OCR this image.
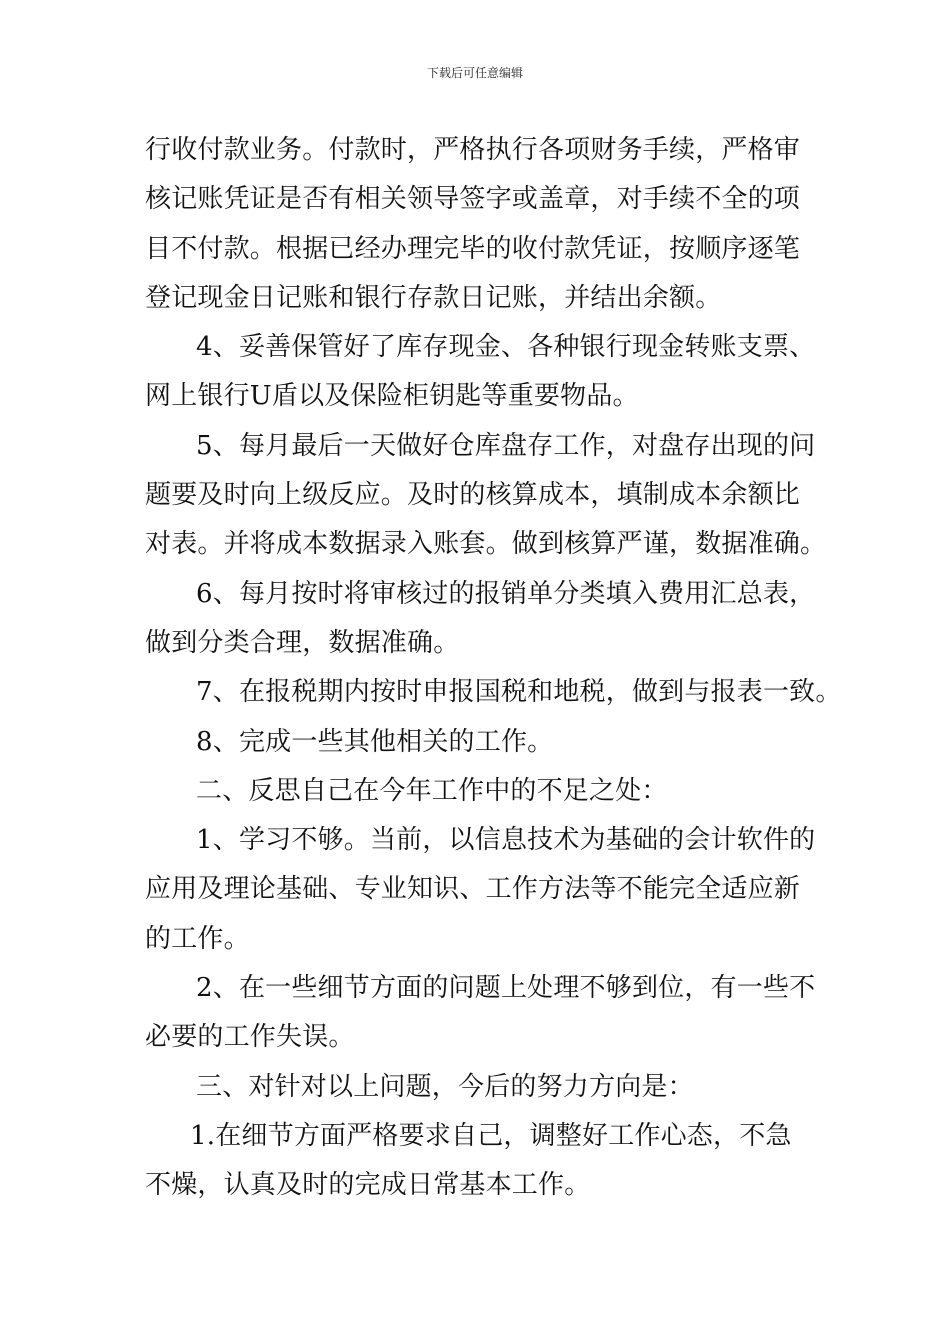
下载后可任意编辑
行收付款业务。付款时，严格执行各项财务手续，严格审
核记账凭证是否有相关领导签字或盖章，对手续不全的项
目不付款。根据已经办理完毕的收付款凭证，按顺序逐笔
登记现金日记账和银行存款日记账，并结出余额。
4、妥善保管好了库存现金、各种银行现金转账支票、
网上银行U盾以及保险柜钥匙等重要物品。
5、每月最后一天做好仓库盘存工作，对盘存出现的问
题要及时向上级反应。及时的核算成本，填制成本余额比
对表。并将成本数据录入账套。做到核算严谨，数据准确。
6、每月按时将审核过的报销单分类填入费用汇总表，
做到分类合理，数据准确。
7、在报税期内按时申报国税和地税，做到与报表一致。
8、完成一些其他相关的工作。
二、反思自己在今年工作中的不足之处：
1、学习不够。当前，以信息技术为基础的会计软件的
应用及理论基础、专业知识、工作方法等不能完全适应新
的工作。
2、在一些细节方面的问题上处理不够到位，有一些不
必要的工作失误。
三、对针对以上问题，今后的努力方向是：
1.在细节方面严格要求自己，调整好工作心态，不急
不燥，认真及时的完成日常基本工作。
